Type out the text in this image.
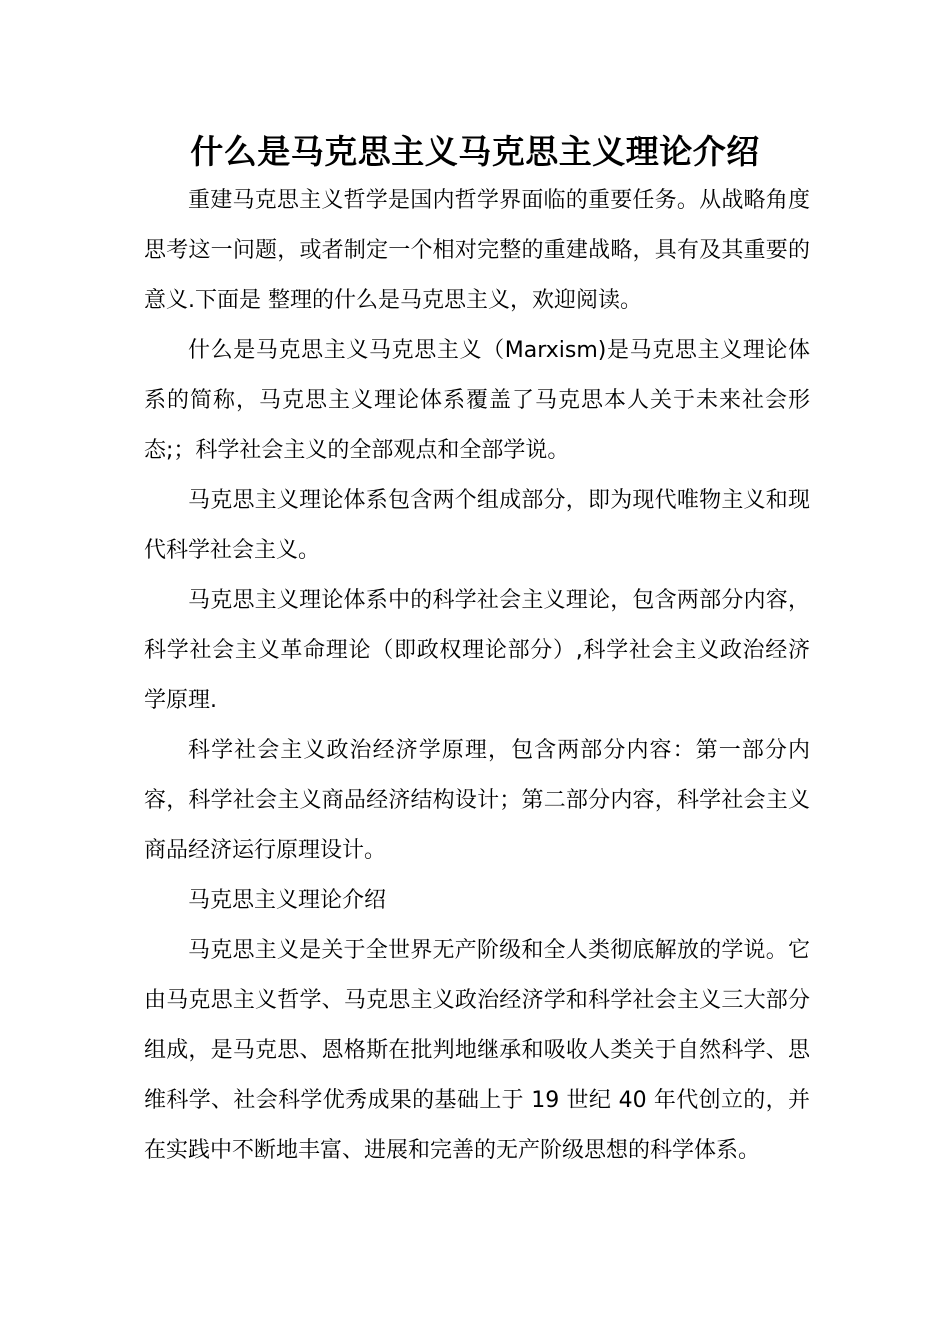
什么是马克思主义马克思主义理论介绍

重建马克思主义哲学是国内哲学界面临的重要任务。从战略角度思考这一问题，或者制定一个相对完整的重建战略，具有及其重要的意义.下面是 整理的什么是马克思主义，欢迎阅读。

什么是马克思主义马克思主义（Marxism)是马克思主义理论体系的简称，马克思主义理论体系覆盖了马克思本人关于未来社会形态;；科学社会主义的全部观点和全部学说。

马克思主义理论体系包含两个组成部分，即为现代唯物主义和现代科学社会主义。

马克思主义理论体系中的科学社会主义理论，包含两部分内容，科学社会主义革命理论（即政权理论部分）,科学社会主义政治经济学原理.

科学社会主义政治经济学原理，包含两部分内容：第一部分内容，科学社会主义商品经济结构设计；第二部分内容，科学社会主义商品经济运行原理设计。

马克思主义理论介绍

马克思主义是关于全世界无产阶级和全人类彻底解放的学说。它由马克思主义哲学、马克思主义政治经济学和科学社会主义三大部分组成，是马克思、恩格斯在批判地继承和吸收人类关于自然科学、思维科学、社会科学优秀成果的基础上于 19 世纪 40 年代创立的，并在实践中不断地丰富、进展和完善的无产阶级思想的科学体系。
